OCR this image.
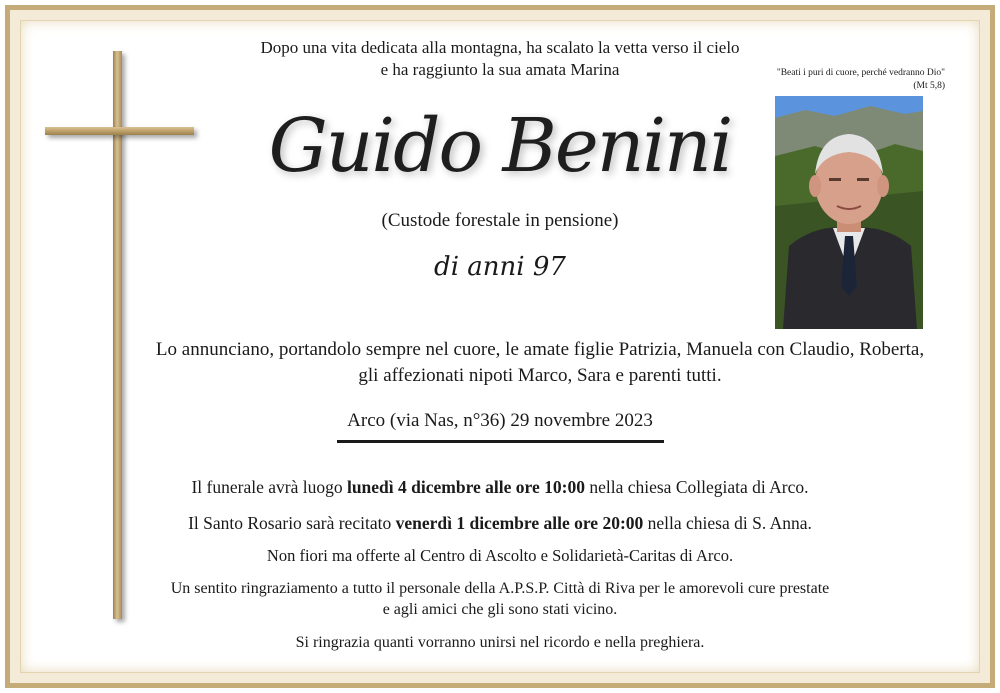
Dopo una vita dedicata alla montagna, ha scalato la vetta verso il cielo
e ha raggiunto la sua amata Marina	"Beati i puri di cuore, perché vedranno Dio"
(Mt 5,8)
Guido Benini
(Custode forestale in pensione)
di anni 97
Lo annunciano, portandolo sempre nel cuore, le amate figlie Patrizia, Manuela con Claudio, Roberta,
gli affezionati nipoti Marco, Sara e parenti tutti.
Arco (via Nas, n°36) 29 novembre 2023
Il funerale avrà luogo lunedì 4 dicembre alle ore 10:00 nella chiesa Collegiata di Arco.
Il Santo Rosario sarà recitato venerdì 1 dicembre alle ore 20:00 nella chiesa di S. Anna.
Non fiori ma offerte al Centro di Ascolto e Solidarietà-Caritas di Arco.
Un sentito ringraziamento a tutto il personale della A.P.S.P. Città di Riva per le amorevoli cure prestate
e agli amici che gli sono stati vicino.
Si ringrazia quanti vorranno unirsi nel ricordo e nella preghiera.
